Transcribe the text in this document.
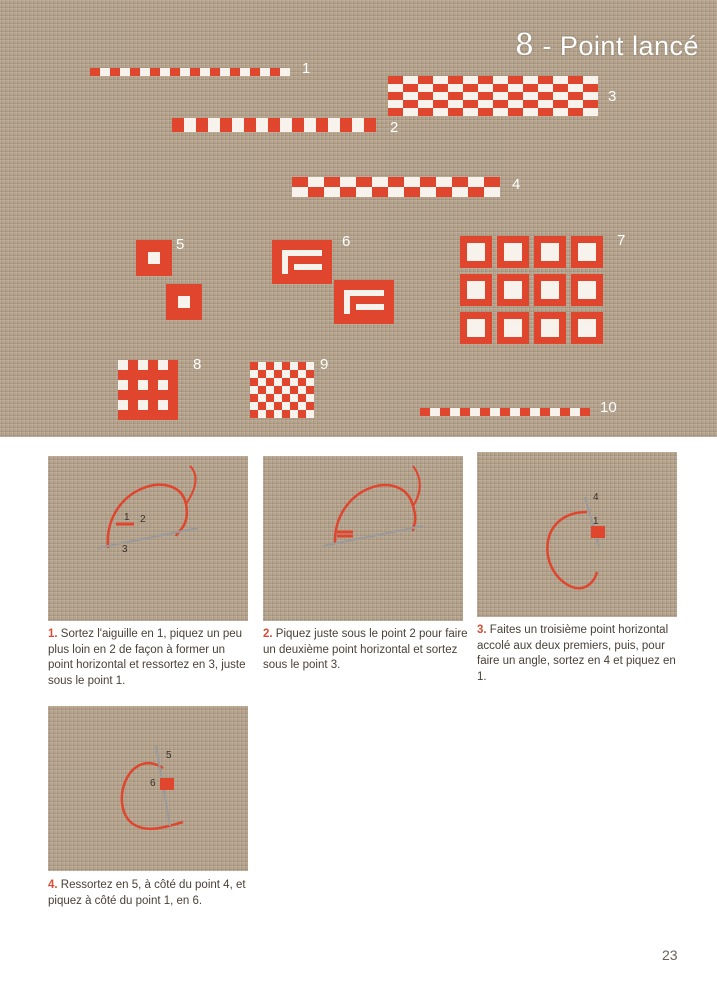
8 - Point lancé
1
2
3
4
5	6	7
8	9
10
1 2
3
1. Sortez l'aiguille en 1, piquez un peu plus loin en 2 de façon à former un point horizontal et ressortez en 3, juste sous le point 1.
2. Piquez juste sous le point 2 pour faire un deuxième point horizontal et sortez sous le point 3.
4
1
3. Faites un troisième point horizontal accolé aux deux premiers, puis, pour faire un angle, sortez en 4 et piquez en 1.
5
6
4. Ressortez en 5, à côté du point 4, et piquez à côté du point 1, en 6.
23
